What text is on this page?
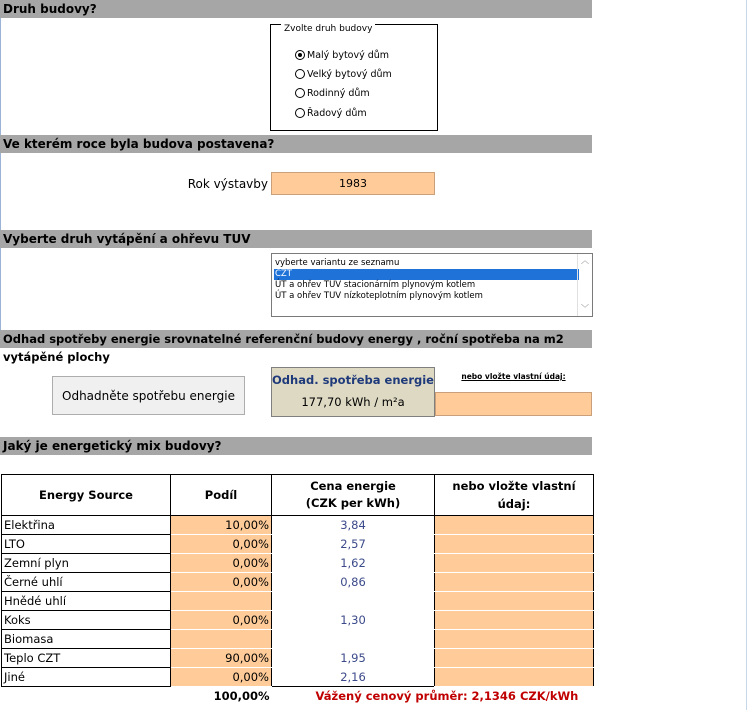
Druh budovy?
Zvolte druh budovy
Malý bytový dům
Velký bytový dům
Rodinný dům
Řadový dům
Ve kterém roce byla budova postavena?
Rok výstavby	1983
Vyberte druh vytápění a ohřevu TUV
vyberte variantu ze seznamu
CZT
ÚT a ohřev TUV stacionárním plynovým kotlem
ÚT a ohřev TUV nízkoteplotním plynovým kotlem
︿
﹀
Odhad spotřeby energie srovnatelné referenční budovy energy , roční spotřeba na m2 vytápěné plochy
Odhadněte spotřebu energie
Odhad. spotřeba energie
177,70 kWh / m²a
nebo vložte vlastní údaj:
Jaký je energetický mix budovy?
Energy Source	Podíl	Cena energie
(CZK per kWh)	nebo vložte vlastní údaj:
Elektřina	10,00%	3,84	
LTO	0,00%	2,57	
Zemní plyn	0,00%	1,62	
Černé uhlí	0,00%	0,86	
Hnědé uhlí			
Koks	0,00%	1,30	
Biomasa			
Teplo CZT	90,00%	1,95	
Jiné	0,00%	2,16	
	100,00%	Vážený cenový průměr: 2,1346 CZK/kWh	
